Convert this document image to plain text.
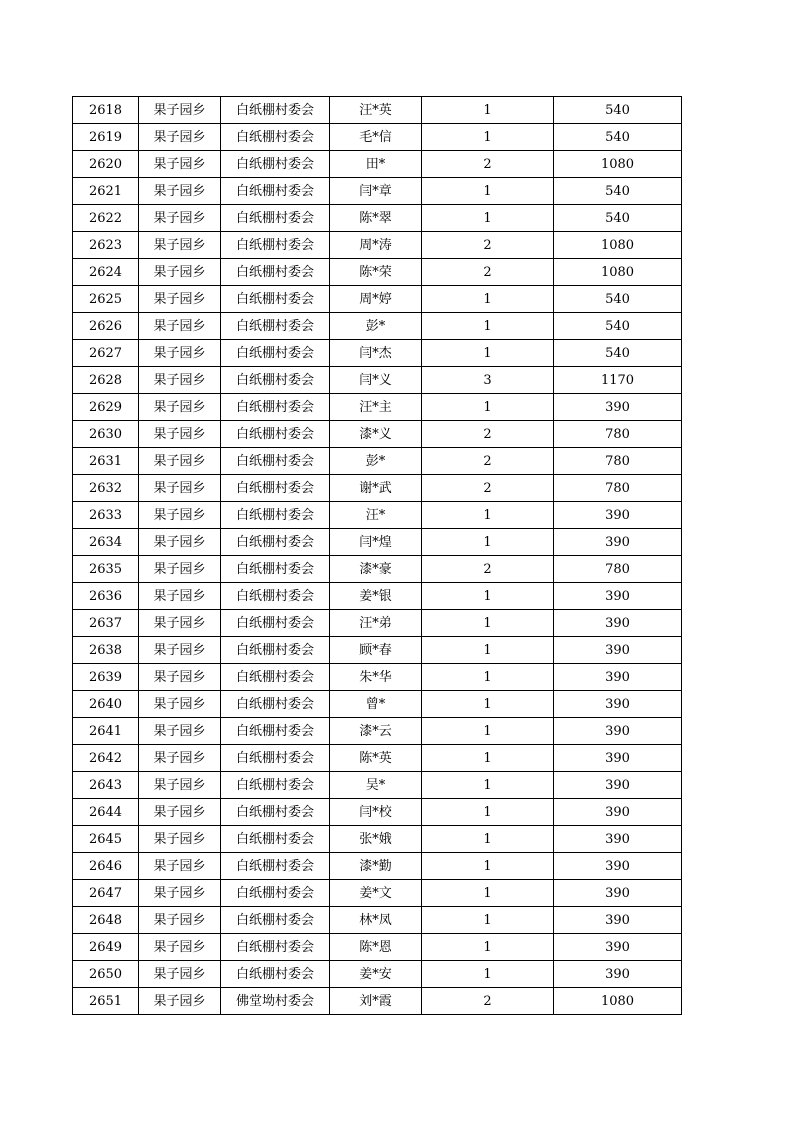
2618	果子园乡	白纸棚村委会	汪*英	1	540
2619	果子园乡	白纸棚村委会	毛*信	1	540
2620	果子园乡	白纸棚村委会	田*	2	1080
2621	果子园乡	白纸棚村委会	闫*章	1	540
2622	果子园乡	白纸棚村委会	陈*翠	1	540
2623	果子园乡	白纸棚村委会	周*涛	2	1080
2624	果子园乡	白纸棚村委会	陈*荣	2	1080
2625	果子园乡	白纸棚村委会	周*婷	1	540
2626	果子园乡	白纸棚村委会	彭*	1	540
2627	果子园乡	白纸棚村委会	闫*杰	1	540
2628	果子园乡	白纸棚村委会	闫*义	3	1170
2629	果子园乡	白纸棚村委会	汪*主	1	390
2630	果子园乡	白纸棚村委会	漆*义	2	780
2631	果子园乡	白纸棚村委会	彭*	2	780
2632	果子园乡	白纸棚村委会	谢*武	2	780
2633	果子园乡	白纸棚村委会	汪*	1	390
2634	果子园乡	白纸棚村委会	闫*煌	1	390
2635	果子园乡	白纸棚村委会	漆*豪	2	780
2636	果子园乡	白纸棚村委会	姜*银	1	390
2637	果子园乡	白纸棚村委会	汪*弟	1	390
2638	果子园乡	白纸棚村委会	顾*春	1	390
2639	果子园乡	白纸棚村委会	朱*华	1	390
2640	果子园乡	白纸棚村委会	曾*	1	390
2641	果子园乡	白纸棚村委会	漆*云	1	390
2642	果子园乡	白纸棚村委会	陈*英	1	390
2643	果子园乡	白纸棚村委会	吴*	1	390
2644	果子园乡	白纸棚村委会	闫*校	1	390
2645	果子园乡	白纸棚村委会	张*娥	1	390
2646	果子园乡	白纸棚村委会	漆*勤	1	390
2647	果子园乡	白纸棚村委会	姜*文	1	390
2648	果子园乡	白纸棚村委会	林*凤	1	390
2649	果子园乡	白纸棚村委会	陈*恩	1	390
2650	果子园乡	白纸棚村委会	姜*安	1	390
2651	果子园乡	佛堂坳村委会	刘*霞	2	1080
